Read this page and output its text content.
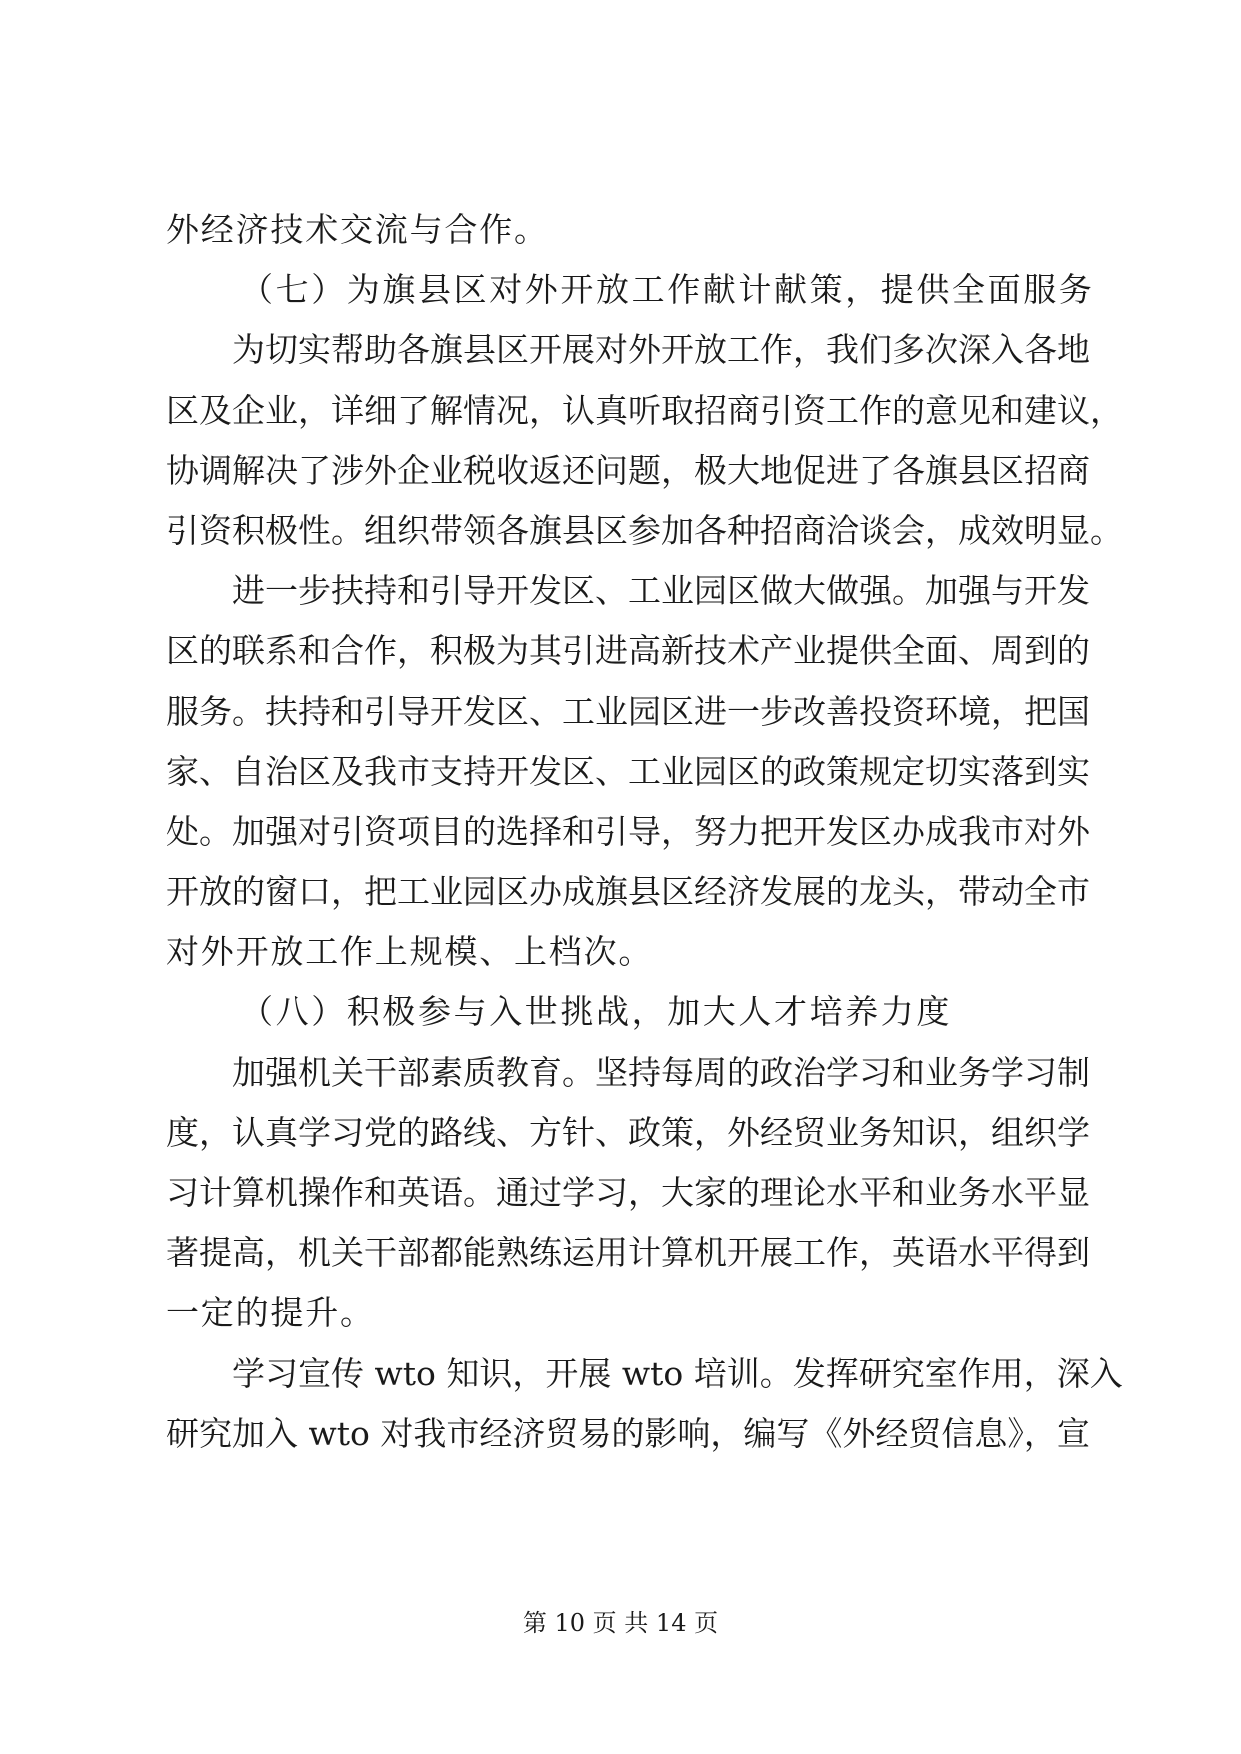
外经济技术交流与合作。
（七）为旗县区对外开放工作献计献策，提供全面服务
为切实帮助各旗县区开展对外开放工作，我们多次深入各地
区及企业，详细了解情况，认真听取招商引资工作的意见和建议，
协调解决了涉外企业税收返还问题，极大地促进了各旗县区招商
引资积极性。组织带领各旗县区参加各种招商洽谈会，成效明显。
进一步扶持和引导开发区、工业园区做大做强。加强与开发
区的联系和合作，积极为其引进高新技术产业提供全面、周到的
服务。扶持和引导开发区、工业园区进一步改善投资环境，把国
家、自治区及我市支持开发区、工业园区的政策规定切实落到实
处。加强对引资项目的选择和引导，努力把开发区办成我市对外
开放的窗口，把工业园区办成旗县区经济发展的龙头，带动全市
对外开放工作上规模、上档次。
（八）积极参与入世挑战，加大人才培养力度
加强机关干部素质教育。坚持每周的政治学习和业务学习制
度，认真学习党的路线、方针、政策，外经贸业务知识，组织学
习计算机操作和英语。通过学习，大家的理论水平和业务水平显
著提高，机关干部都能熟练运用计算机开展工作，英语水平得到
一定的提升。
学习宣传 wto 知识，开展 wto 培训。发挥研究室作用，深入
研究加入 wto 对我市经济贸易的影响，编写《外经贸信息》，宣
第 10 页 共 14 页
